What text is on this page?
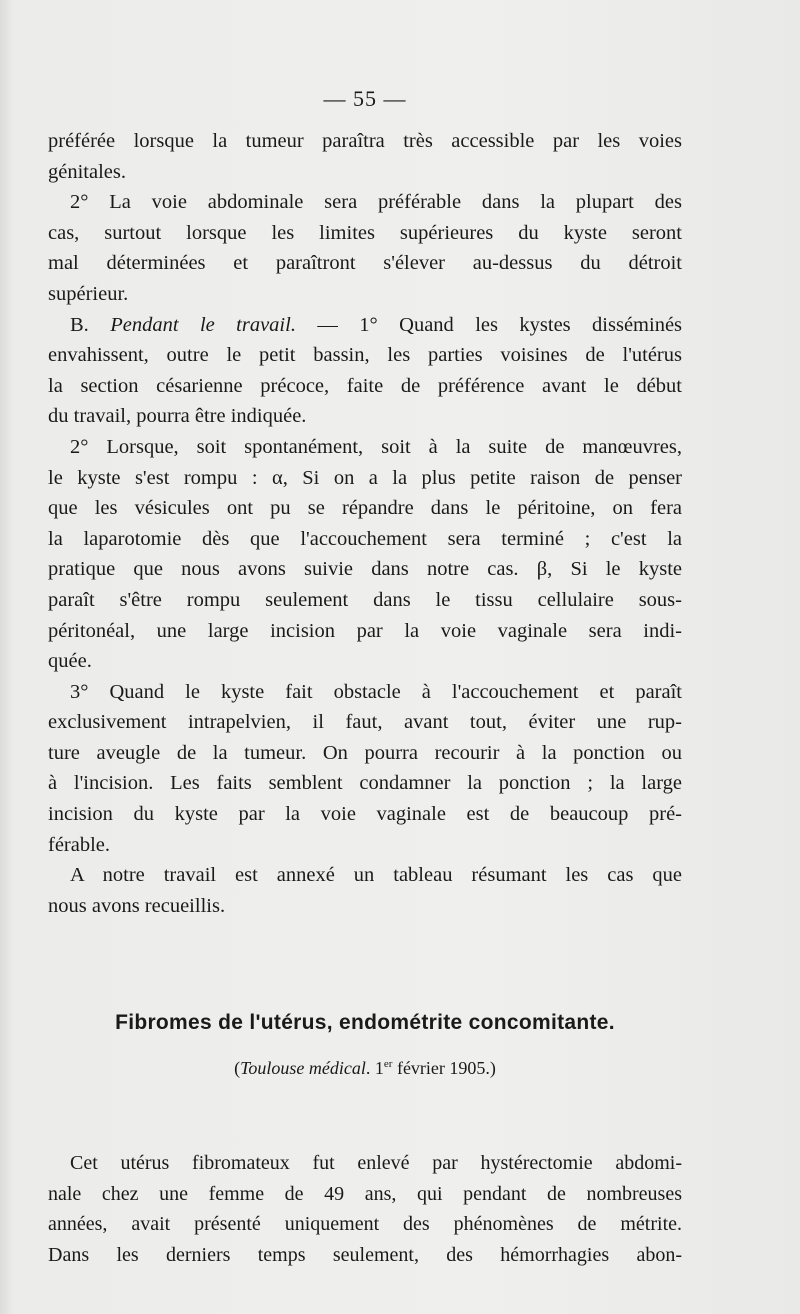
— 55 —

préférée lorsque la tumeur paraîtra très accessible par les voies
génitales.

2° La voie abdominale sera préférable dans la plupart des
cas, surtout lorsque les limites supérieures du kyste seront
mal déterminées et paraîtront s'élever au-dessus du détroit
supérieur.

B. Pendant le travail. — 1° Quand les kystes disséminés
envahissent, outre le petit bassin, les parties voisines de l'utérus
la section césarienne précoce, faite de préférence avant le début
du travail, pourra être indiquée.

2° Lorsque, soit spontanément, soit à la suite de manœuvres,
le kyste s'est rompu : α, Si on a la plus petite raison de penser
que les vésicules ont pu se répandre dans le péritoine, on fera
la laparotomie dès que l'accouchement sera terminé ; c'est la
pratique que nous avons suivie dans notre cas. β, Si le kyste
paraît s'être rompu seulement dans le tissu cellulaire sous-
péritonéal, une large incision par la voie vaginale sera indi-
quée.

3° Quand le kyste fait obstacle à l'accouchement et paraît
exclusivement intrapelvien, il faut, avant tout, éviter une rup-
ture aveugle de la tumeur. On pourra recourir à la ponction ou
à l'incision. Les faits semblent condamner la ponction ; la large
incision du kyste par la voie vaginale est de beaucoup pré-
férable.

A notre travail est annexé un tableau résumant les cas que
nous avons recueillis.

Fibromes de l'utérus, endométrite concomitante.
(Toulouse médical. 1er février 1905.)

Cet utérus fibromateux fut enlevé par hystérectomie abdomi-
nale chez une femme de 49 ans, qui pendant de nombreuses
années, avait présenté uniquement des phénomènes de métrite.
Dans les derniers temps seulement, des hémorrhagies abon-
